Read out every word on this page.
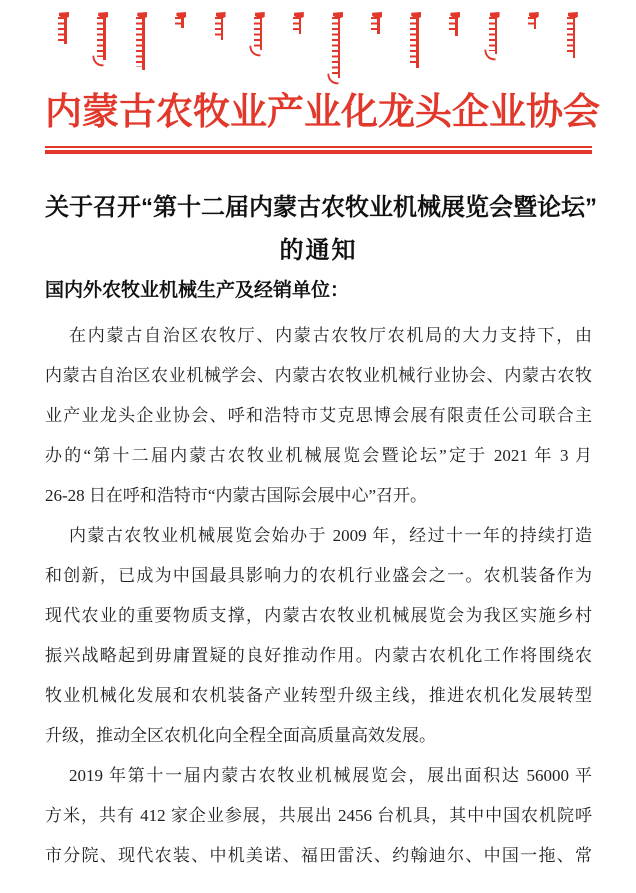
内 蒙 古 农 牧 业 产 业 化 龙 头 企 业 协 会
关于召开“第十二届内蒙古农牧业机械展览会暨论坛”
的通知

国内外农牧业机械生产及经销单位：

在内蒙古自治区农牧厅、内蒙古农牧厅农机局的大力支持下，由
内蒙古自治区农业机械学会、内蒙古农牧业机械行业协会、内蒙古农牧
业产业龙头企业协会、呼和浩特市艾克思博会展有限责任公司联合主
办的“第十二届内蒙古农牧业机械展览会暨论坛”定于 2021 年 3 月
26-28 日在呼和浩特市“内蒙古国际会展中心”召开。
内蒙古农牧业机械展览会始办于 2009 年，经过十一年的持续打造
和创新，已成为中国最具影响力的农机行业盛会之一。农机装备作为
现代农业的重要物质支撑，内蒙古农牧业机械展览会为我区实施乡村
振兴战略起到毋庸置疑的良好推动作用。内蒙古农机化工作将围绕农
牧业机械化发展和农机装备产业转型升级主线，推进农机化发展转型
升级，推动全区农机化向全程全面高质量高效发展。
2019 年第十一届内蒙古农牧业机械展览会，展出面积达 56000 平
方米，共有 412 家企业参展，共展出 2456 台机具，其中中国农机院呼
市分院、现代农装、中机美诺、福田雷沃、约翰迪尔、中国一拖、常
